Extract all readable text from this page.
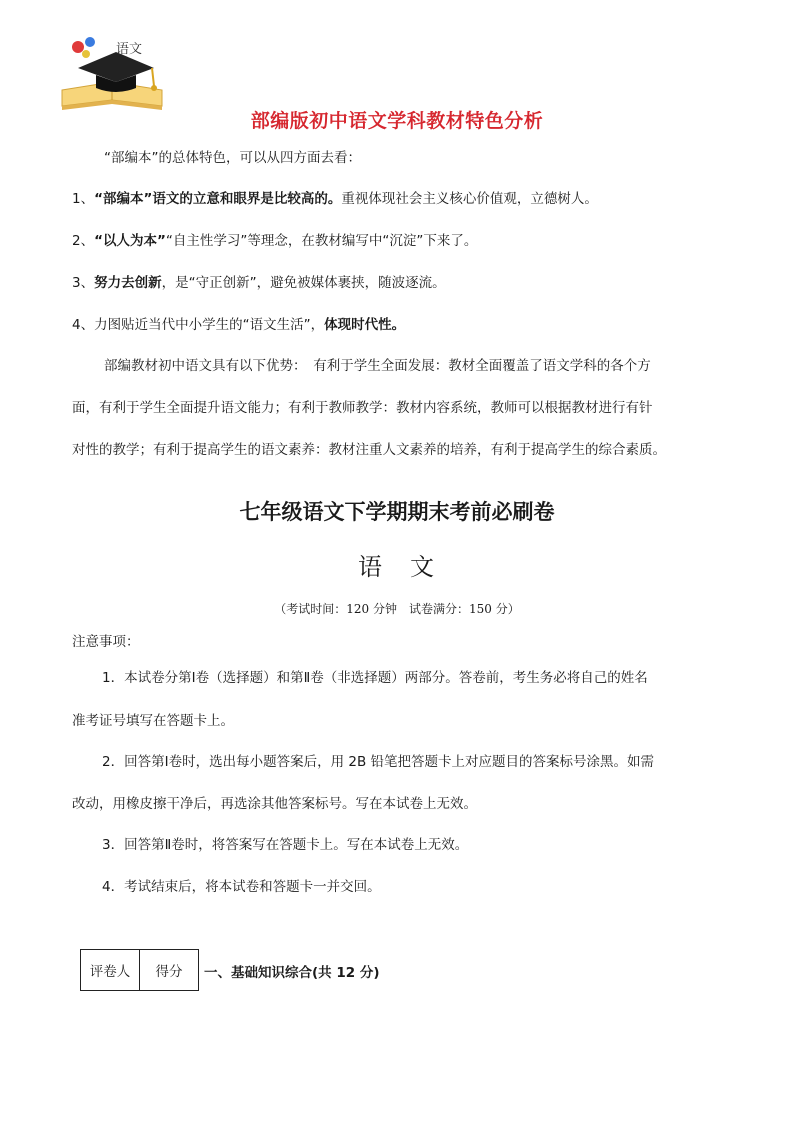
语文
部编版初中语文学科教材特色分析
“部编本”的总体特色，可以从四方面去看：
1、“部编本”语文的立意和眼界是比较高的。重视体现社会主义核心价值观，立德树人。
2、“以人为本”“自主性学习”等理念，在教材编写中“沉淀”下来了。
3、努力去创新，是“守正创新”，避免被媒体裹挟，随波逐流。
4、力图贴近当代中小学生的“语文生活”，体现时代性。
部编教材初中语文具有以下优势：　有利于学生全面发展：教材全面覆盖了语文学科的各个方
面，有利于学生全面提升语文能力；有利于教师教学：教材内容系统，教师可以根据教材进行有针
对性的教学；有利于提高学生的语文素养：教材注重人文素养的培养，有利于提高学生的综合素质。
七年级语文下学期期末考前必刷卷
语　文
（考试时间：120 分钟　试卷满分：150 分）
注意事项：
1．本试卷分第Ⅰ卷（选择题）和第Ⅱ卷（非选择题）两部分。答卷前，考生务必将自己的姓名
准考证号填写在答题卡上。
2．回答第Ⅰ卷时，选出每小题答案后，用 2B 铅笔把答题卡上对应题目的答案标号涂黑。如需
改动，用橡皮擦干净后，再选涂其他答案标号。写在本试卷上无效。
3．回答第Ⅱ卷时，将答案写在答题卡上。写在本试卷上无效。
4．考试结束后，将本试卷和答题卡一并交回。
评卷人	得分 一、基础知识综合(共 12 分)
